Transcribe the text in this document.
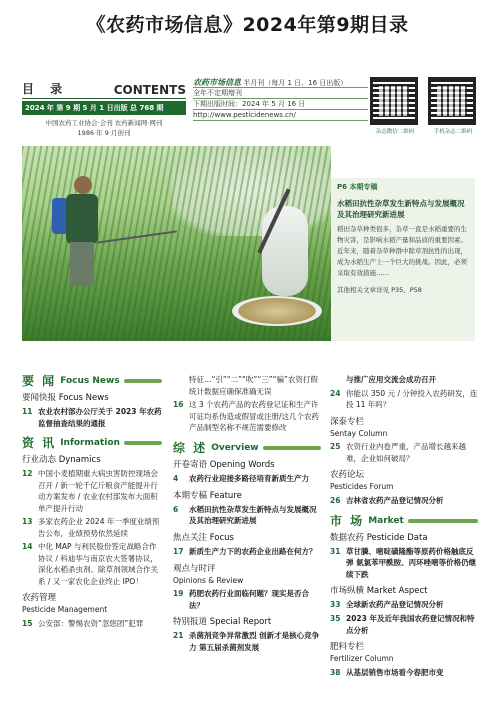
《农药市场信息》2024年第9期目录
目 录	CONTENTS
2024 年 第 9 期 5 月 1 日出版 总 768 期
中国农药工业协会·会刊 农药新闻网·网刊
1986 年 9 月创刊
农药市场信息 半月刊（每月 1 日、16 日出版）
全年不定期增刊
下期出版时间：2024 年 5 月 16 日
http://www.pesticidenews.cn/
杂志微信二维码	手机杂志二维码
P6 本期专稿
水稻田抗性杂草发生新特点与发展概况及其治理研究新进展
稻田杂草种类很多，杂草一直是水稻重要的生物灾害，是影响水稻产量和品质的重要因素。近年来，随着杂草种群中除草剂抗性的出现，成为水稻生产上一个巨大的挑战。因此，必须采取有效措施……
其他相关文章详见 P35、P58
要 闻 Focus News
要闻快报 Focus News
11 农业农村部办公厅关于 2023 年农药监督抽查结果的通报
资 讯 Information
行业动态 Dynamics
12 中国小麦植期重大病虫害防控现场会召开 / 新一轮千亿斤粮食产能提升行动方案发布 / 农业农村部发布大面积单产提升行动
13 多家农药企业 2024 年一季度业绩预告公布，业绩预势依然延续
14 中化 MAP 与利民股份签定战略合作协议 / 科迪华与南京农大签署协议，深化水稻杀虫剂、除草剂领域合作关系 / 又一家农化企业终止 IPO！
农药管理
Pesticide Management
15 公安部：警惕农资“忽悠团”犯罪
特征…“引”“二”“吹”“三”“骗”农资打假统计数据应确保准确无误
16 这 3 个农药产品的农药登记证和生产许可证均系伪造或假冒或注册/这几个农药产品制型名称不规范需要修改
综 述 Overview
开卷寄语 Opening Words
4	农药行业迎接多路径培育新质生产力
本期专稿 Feature
6	水稻田抗性杂草发生新特点与发展概况及其治理研究新进展
焦点关注 Focus
17 新质生产力下的农药企业出路在何方？
观点与时评
Opinions & Review
19 药肥农药行业面临何题？现实是否合法？
特别报道 Special Report
21 杀菌剂竞争异常激烈 创新才是核心竞争力 第五届杀菌剂发展
与推广应用交流会成功召开
24 你能以 350 元 / 分钟投入农药研发，连投 11 年吗？
深泰专栏
Sentay Column
25 农资行业内卷严重，产品增长越来越难，企业如何破局？
农药论坛
Pesticides Forum
26 吉林省农药产品登记情况分析
市 场 Market
数据农药 Pesticide Data
31 草甘膦、嘧啶磺隆酯等原药价格触底反弹 氨氯苯甲酰胺、丙环唑嘧等价格仍继续下跌
市场纵横 Market Aspect
33 全球新农药产品登记情况分析
35 2023 年及近年我国农药登记情况和特点分析
肥料专栏
Fertilizer Column
38 从基层销售市场看今春肥市变
